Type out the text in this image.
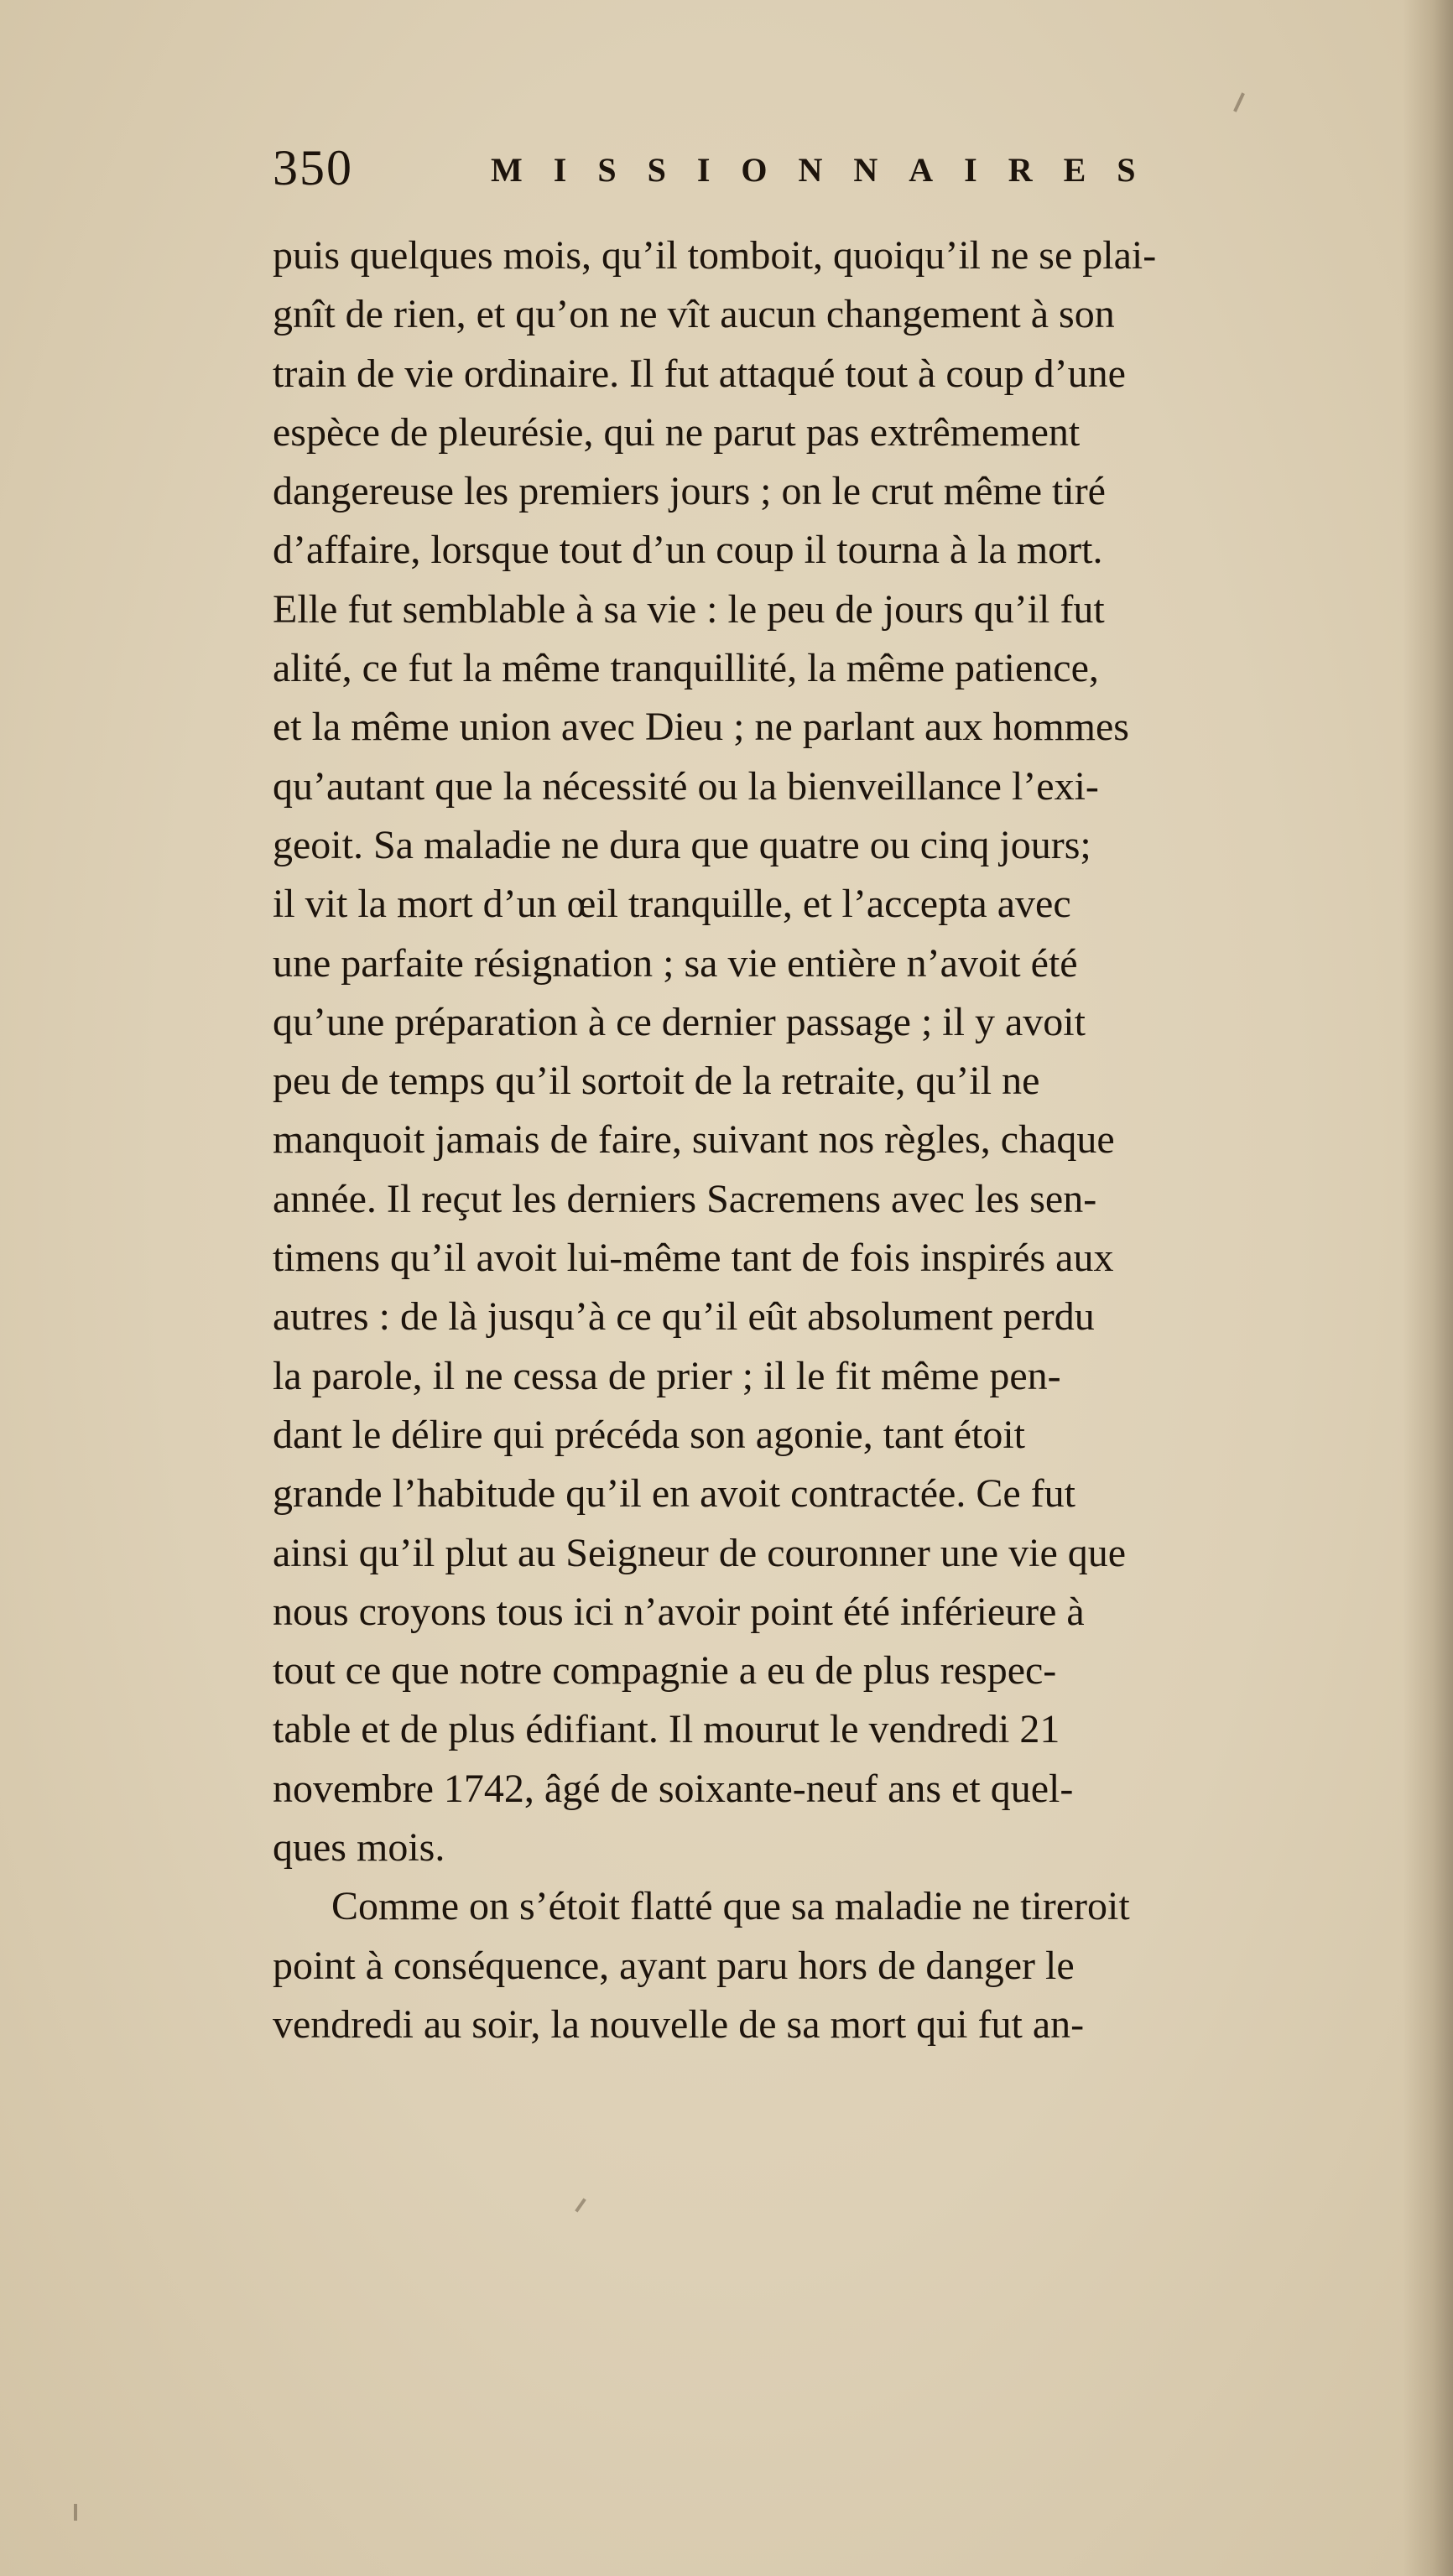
350	MISSIONNAIRES
puis quelques mois, qu’il tomboit, quoiqu’il ne se plai-
gnît de rien, et qu’on ne vît aucun changement à son
train de vie ordinaire. Il fut attaqué tout à coup d’une
espèce de pleurésie, qui ne parut pas extrêmement
dangereuse les premiers jours ; on le crut même tiré
d’affaire, lorsque tout d’un coup il tourna à la mort.
Elle fut semblable à sa vie : le peu de jours qu’il fut
alité, ce fut la même tranquillité, la même patience,
et la même union avec Dieu ; ne parlant aux hommes
qu’autant que la nécessité ou la bienveillance l’exi-
geoit. Sa maladie ne dura que quatre ou cinq jours;
il vit la mort d’un œil tranquille, et l’accepta avec
une parfaite résignation ; sa vie entière n’avoit été
qu’une préparation à ce dernier passage ; il y avoit
peu de temps qu’il sortoit de la retraite, qu’il ne
manquoit jamais de faire, suivant nos règles, chaque
année. Il reçut les derniers Sacremens avec les sen-
timens qu’il avoit lui-même tant de fois inspirés aux
autres : de là jusqu’à ce qu’il eût absolument perdu
la parole, il ne cessa de prier ; il le fit même pen-
dant le délire qui précéda son agonie, tant étoit
grande l’habitude qu’il en avoit contractée. Ce fut
ainsi qu’il plut au Seigneur de couronner une vie que
nous croyons tous ici n’avoir point été inférieure à
tout ce que notre compagnie a eu de plus respec-
table et de plus édifiant. Il mourut le vendredi 21
novembre 1742, âgé de soixante-neuf ans et quel-
ques mois.
Comme on s’étoit flatté que sa maladie ne tireroit
point à conséquence, ayant paru hors de danger le
vendredi au soir, la nouvelle de sa mort qui fut an-
